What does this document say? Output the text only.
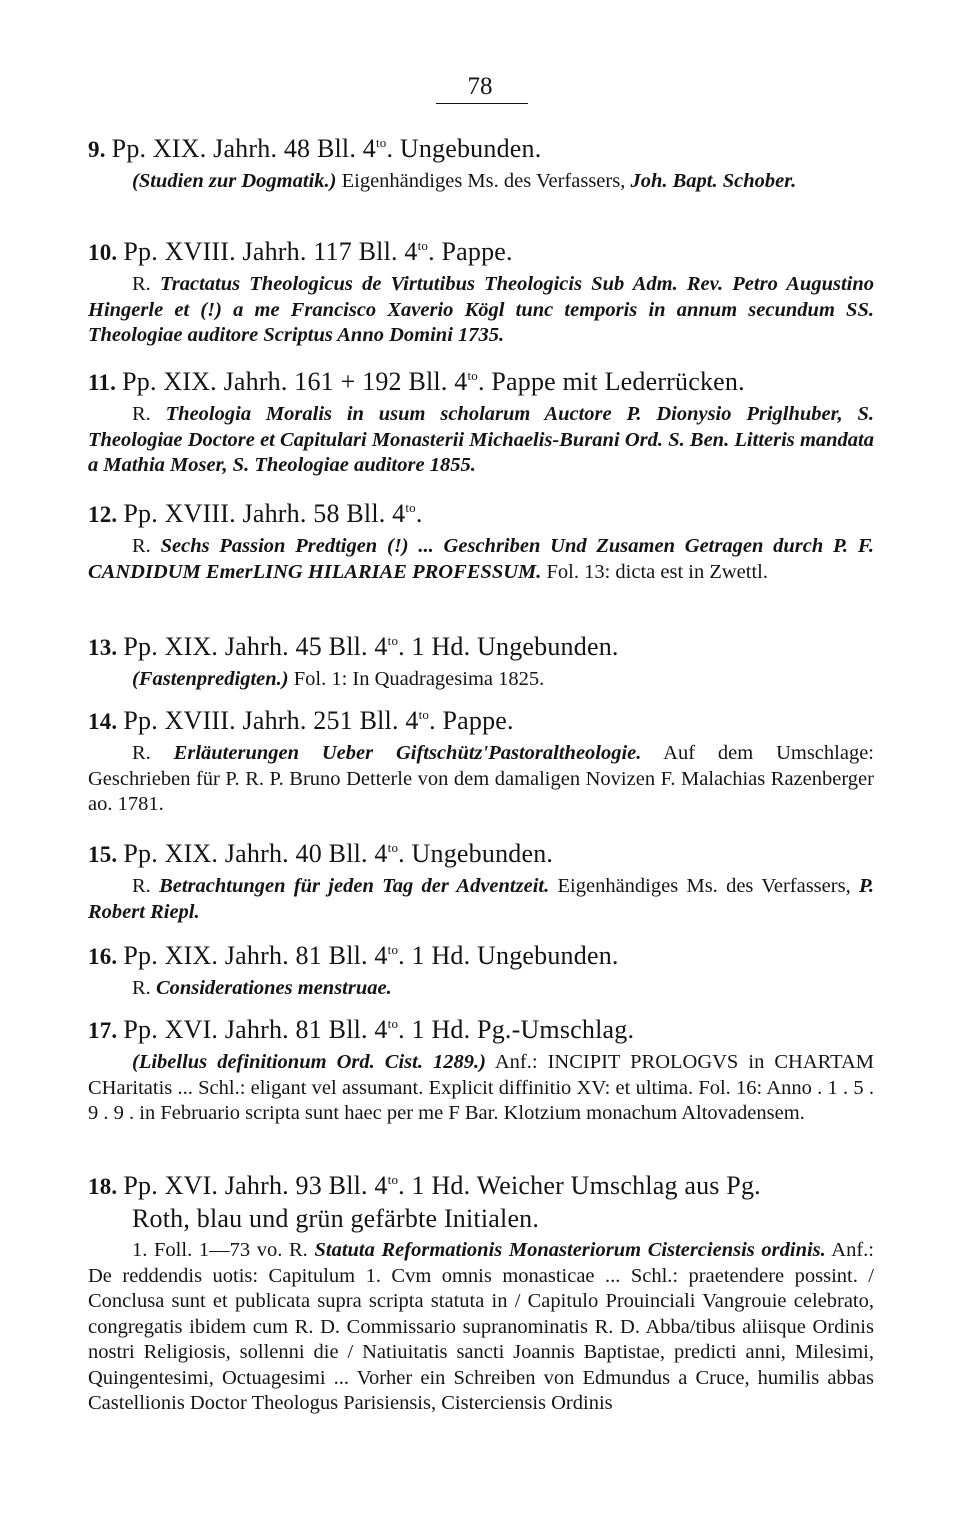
78
9. Pp. XIX. Jahrh. 48 Bll. $4^{to}$. Ungebunden.
(Studien zur Dogmatik.) Eigenhändiges Ms. des Verfassers, Joh. Bapt. Schober.
10. Pp. XVIII. Jahrh. 117 Bll. $4^{to}$. Pappe.
R. Tractatus Theologicus de Virtutibus Theologicis Sub Adm. Rev. Petro Augustino Hingerle et (!) a me Francisco Xaverio Kögl tunc temporis in annum secundum SS. Theologiae auditore Scriptus Anno Domini 1735.
11. Pp. XIX. Jahrh. 161 + 192 Bll. $4^{to}$. Pappe mit Lederrücken.
R. Theologia Moralis in usum scholarum Auctore P. Dionysio Priglhuber, S. Theologiae Doctore et Capitulari Monasterii Michaelis-Burani Ord. S. Ben. Litteris mandata a Mathia Moser, S. Theologiae auditore 1855.
12. Pp. XVIII. Jahrh. 58 Bll. $4^{to}$.
R. Sechs Passion Predtigen (!) ... Geschriben Und Zusamen Getragen durch P. F. CANDIDUM EmerLING HILARIAE PROFESSUM. Fol. 13: dicta est in Zwettl.
13. Pp. XIX. Jahrh. 45 Bll. $4^{to}$. 1 Hd. Ungebunden.
(Fastenpredigten.) Fol. 1: In Quadragesima 1825.
14. Pp. XVIII. Jahrh. 251 Bll. $4^{to}$. Pappe.
R. Erläuterungen Ueber Giftschütz'Pastoraltheologie. Auf dem Umschlage: Geschrieben für P. R. P. Bruno Detterle von dem damaligen Novizen F. Malachias Razenberger ao. 1781.
15. Pp. XIX. Jahrh. 40 Bll. $4^{to}$. Ungebunden.
R. Betrachtungen für jeden Tag der Adventzeit. Eigenhändiges Ms. des Verfassers, P. Robert Riepl.
16. Pp. XIX. Jahrh. 81 Bll. $4^{to}$. 1 Hd. Ungebunden.
R. Considerationes menstruae.
17. Pp. XVI. Jahrh. 81 Bll. $4^{to}$. 1 Hd. Pg.-Umschlag.
(Libellus definitionum Ord. Cist. 1289.) Anf.: INCIPIT PROLOGVS in CHARTAM CHaritatis ... Schl.: eligant vel assumant. Explicit diffinitio XV: et ultima. Fol. 16: Anno . 1 . 5 . 9 . 9 . in Februario scripta sunt haec per me F Bar. Klotzium monachum Altovadensem.
18. Pp. XVI. Jahrh. 93 Bll. $4^{to}$. 1 Hd. Weicher Umschlag aus Pg.
Roth, blau und grün gefärbte Initialen.
1. Foll. 1—73 vo. R. Statuta Reformationis Monasteriorum Cisterciensis ordinis. Anf.: De reddendis uotis: Capitulum 1. Cvm omnis monasticae ... Schl.: praetendere possint. / Conclusa sunt et publicata supra scripta statuta in / Capitulo Prouinciali Vangrouie celebrato, congregatis ibidem cum R. D. Commissario supranominatis R. D. Abba/tibus aliisque Ordinis nostri Religiosis, sollenni die / Natiuitatis sancti Joannis Baptistae, predicti anni, Milesimi, Quingentesimi, Octuagesimi ... Vorher ein Schreiben von Edmundus a Cruce, humilis abbas Castellionis Doctor Theologus Parisiensis, Cisterciensis Ordinis
